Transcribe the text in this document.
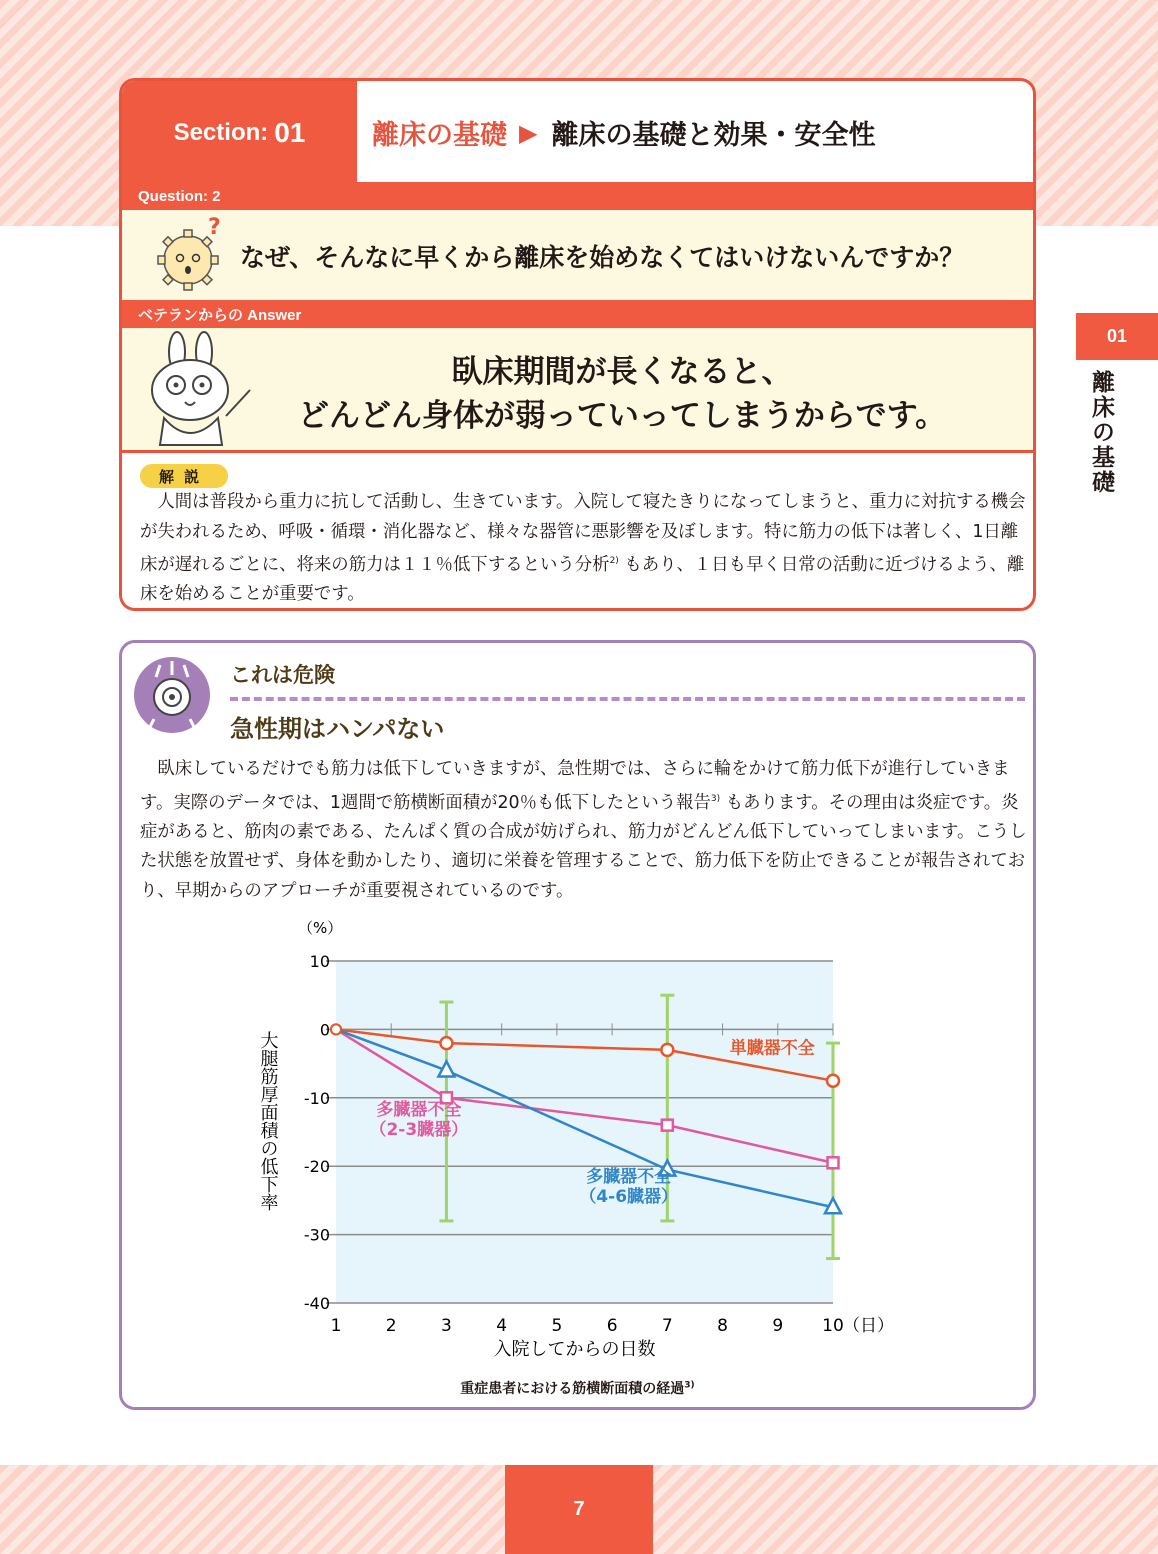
Section: 01 離床の基礎 ▶ 離床の基礎と効果・安全性
Question: 2
?
なぜ、そんなに早くから離床を始めなくてはいけないんですか？
ベテランからの Answer
臥床期間が長くなると、
どんどん身体が弱っていってしまうからです。
解説
人間は普段から重力に抗して活動し、生きています。入院して寝たきりになってしまうと、重力に対抗する機会が失われるため、呼吸・循環・消化器など、様々な器管に悪影響を及ぼします。特に筋力の低下は著しく、1日離床が遅れるごとに、将来の筋力は１１％低下するという分析$^{2)}$ もあり、１日も早く日常の活動に近づけるよう、離床を始めることが重要です。
01
離床の基礎
これは危険
急性期はハンパない
臥床しているだけでも筋力は低下していきますが、急性期では、さらに輪をかけて筋力低下が進行していきます。実際のデータでは、1週間で筋横断面積が20％も低下したという報告$^{3)}$ もあります。その理由は炎症です。炎症があると、筋肉の素である、たんぱく質の合成が妨げられ、筋力がどんどん低下していってしまいます。こうした状態を放置せず、身体を動かしたり、適切に栄養を管理することで、筋力低下を防止できることが報告されており、早期からのアプローチが重要視されているのです。
10
0
-10
-20
-30
-40
1	2	3	4	5	6	7	8	9 10
（%）
（日）
入院してからの日数
大腿筋厚面積の低下率	単臓器不全
多臓器不全
（2-3臓器）
多臓器不全
（4-6臓器）
重症患者における筋横断面積の経過$^{3)}$
7
